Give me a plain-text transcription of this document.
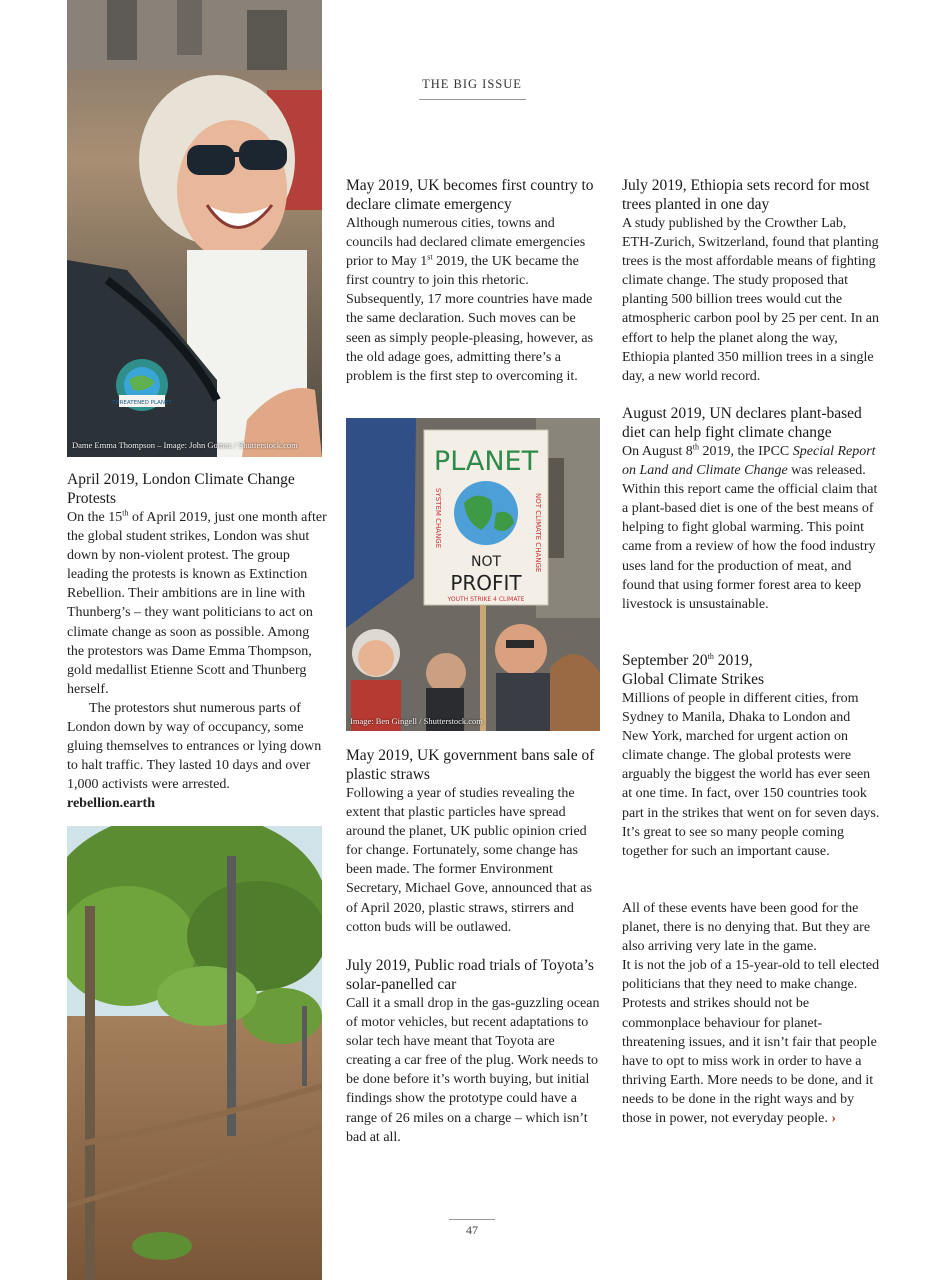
THE BIG ISSUE
THREATENED PLANET
Dame Emma Thompson – Image: John Gomez / Shutterstock.com

April 2019, London Climate Change Protests

On the 15th of April 2019, just one month after the global student strikes, London was shut down by non-violent protest. The group leading the protests is known as Extinction Rebellion. Their ambitions are in line with Thunberg’s – they want politicians to act on climate change as soon as possible. Among the protestors was Dame Emma Thompson, gold medallist Etienne Scott and Thunberg herself.
The protestors shut numerous parts of London down by way of occupancy, some gluing themselves to entrances or lying down to halt traffic. They lasted 10 days and over 1,000 activists were arrested.

rebellion.earth

May 2019, UK becomes first country to declare climate emergency

Although numerous cities, towns and councils had declared climate emergencies prior to May 1st 2019, the UK became the first country to join this rhetoric. Subsequently, 17 more countries have made the same declaration. Such moves can be seen as simply people-pleasing, however, as the old adage goes, admitting there’s a problem is the first step to overcoming it.

PLANET
NOT
PROFIT
SYSTEM CHANGE	NOT CLIMATE CHANGE
YOUTH STRIKE 4 CLIMATE
Image: Ben Gingell / Shutterstock.com

May 2019, UK government bans sale of plastic straws

Following a year of studies revealing the extent that plastic particles have spread around the planet, UK public opinion cried for change. Fortunately, some change has been made. The former Environment Secretary, Michael Gove, announced that as of April 2020, plastic straws, stirrers and cotton buds will be outlawed.

July 2019, Public road trials of Toyota’s solar-panelled car

Call it a small drop in the gas-guzzling ocean of motor vehicles, but recent adaptations to solar tech have meant that Toyota are creating a car free of the plug. Work needs to be done before it’s worth buying, but initial findings show the prototype could have a range of 26 miles on a charge – which isn’t bad at all.

July 2019, Ethiopia sets record for most trees planted in one day

A study published by the Crowther Lab, ETH-Zurich, Switzerland, found that planting trees is the most affordable means of fighting climate change. The study proposed that planting 500 billion trees would cut the atmospheric carbon pool by 25 per cent. In an effort to help the planet along the way, Ethiopia planted 350 million trees in a single day, a new world record.

August 2019, UN declares plant-based diet can help fight climate change

On August 8th 2019, the IPCC Special Report on Land and Climate Change was released. Within this report came the official claim that a plant-based diet is one of the best means of helping to fight global warming. This point came from a review of how the food industry uses land for the production of meat, and found that using former forest area to keep livestock is unsustainable.

September 20th 2019,
Global Climate Strikes

Millions of people in different cities, from Sydney to Manila, Dhaka to London and New York, marched for urgent action on climate change. The global protests were arguably the biggest the world has ever seen at one time. In fact, over 150 countries took part in the strikes that went on for seven days. It’s great to see so many people coming together for such an important cause.

All of these events have been good for the planet, there is no denying that. But they are also arriving very late in the game.
It is not the job of a 15-year-old to tell elected politicians that they need to make change. Protests and strikes should not be commonplace behaviour for planet-threatening issues, and it isn’t fair that people have to opt to miss work in order to have a thriving Earth. More needs to be done, and it needs to be done in the right ways and by those in power, not everyday people. ›

47
